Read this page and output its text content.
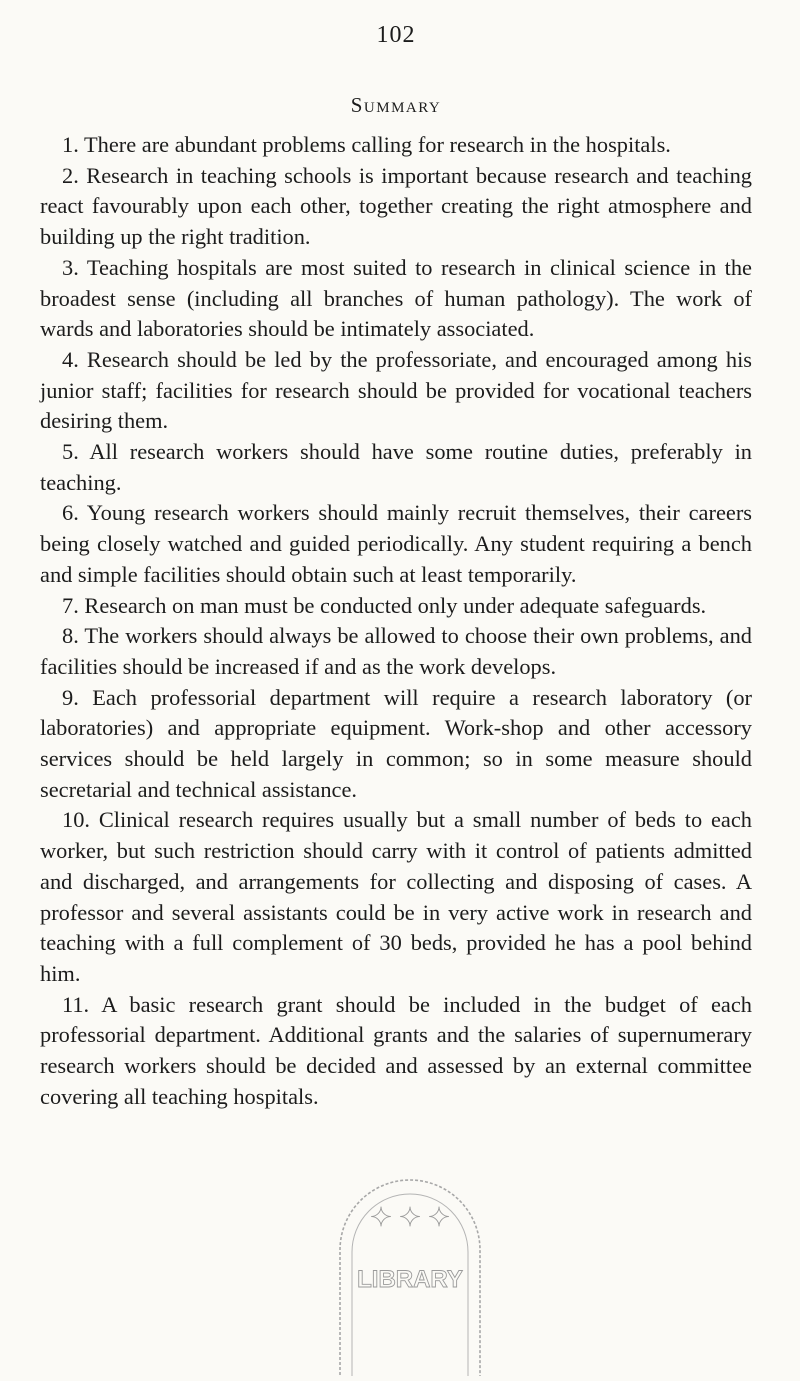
102
Summary

1. There are abundant problems calling for research in the hospitals.

2. Research in teaching schools is important because research and teaching react favourably upon each other, together creating the right atmosphere and building up the right tradition.

3. Teaching hospitals are most suited to research in clinical science in the broadest sense (including all branches of human pathology). The work of wards and laboratories should be intimately associated.

4. Research should be led by the professoriate, and encouraged among his junior staff; facilities for research should be provided for vocational teachers desiring them.

5. All research workers should have some routine duties, preferably in teaching.

6. Young research workers should mainly recruit themselves, their careers being closely watched and guided periodically. Any student requiring a bench and simple facilities should obtain such at least temporarily.

7. Research on man must be conducted only under adequate safeguards.

8. The workers should always be allowed to choose their own problems, and facilities should be increased if and as the work develops.

9. Each professorial department will require a research laboratory (or laboratories) and appropriate equipment. Work-shop and other accessory services should be held largely in common; so in some measure should secretarial and technical assistance.

10. Clinical research requires usually but a small number of beds to each worker, but such restriction should carry with it control of patients admitted and discharged, and arrangements for collecting and disposing of cases. A professor and several assistants could be in very active work in research and teaching with a full complement of 30 beds, provided he has a pool behind him.

11. A basic research grant should be included in the budget of each professorial department. Additional grants and the salaries of supernumerary research workers should be decided and assessed by an external committee covering all teaching hospitals.

✦ ✦ ✦
LIBRARY
